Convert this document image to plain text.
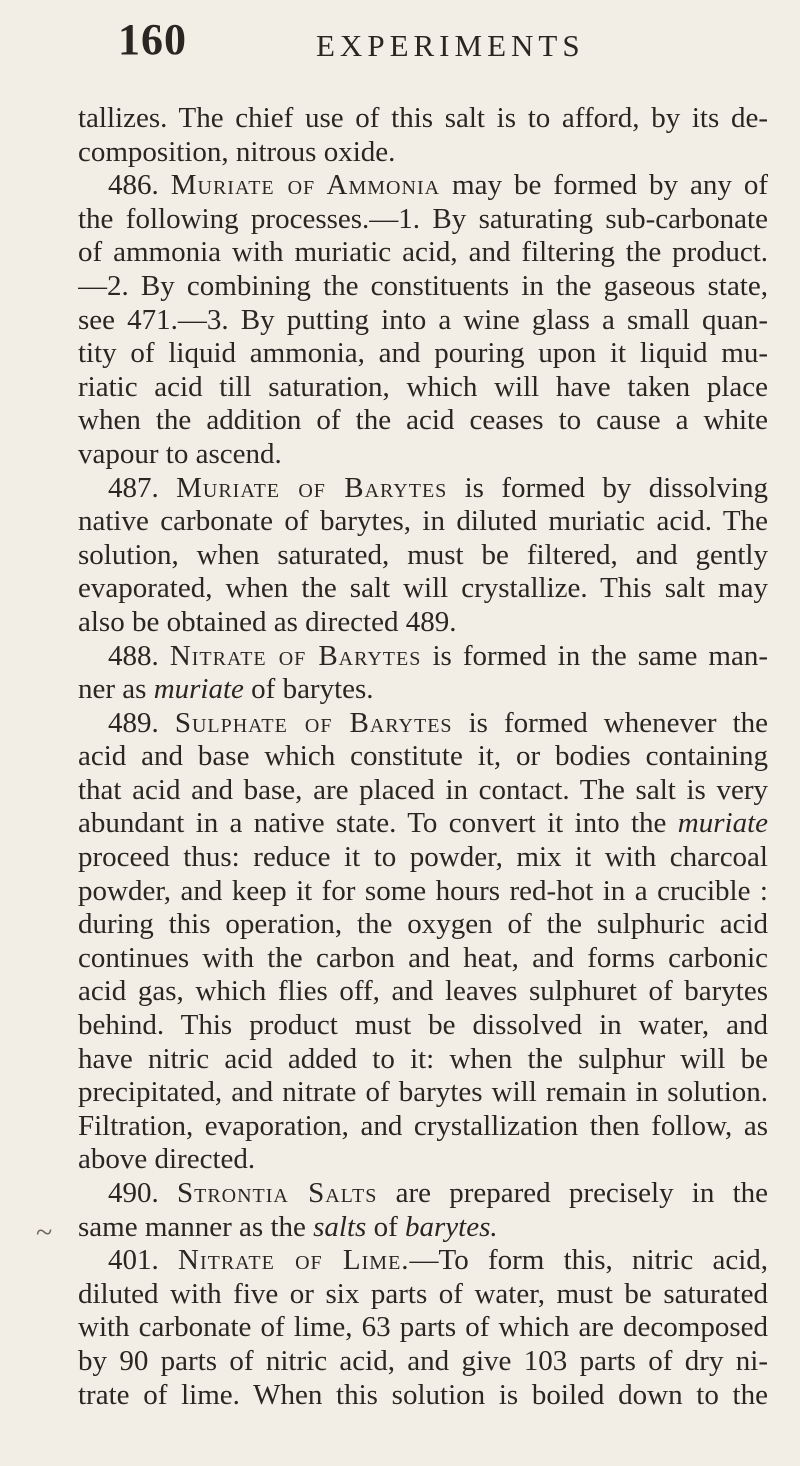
160	EXPERIMENTS
tallizes. The chief use of this salt is to afford, by its de-
composition, nitrous oxide.
486. Muriate of Ammonia may be formed by any of
the following processes.—1. By saturating sub-carbonate
of ammonia with muriatic acid, and filtering the product.
—2. By combining the constituents in the gaseous state,
see 471.—3. By putting into a wine glass a small quan-
tity of liquid ammonia, and pouring upon it liquid mu-
riatic acid till saturation, which will have taken place
when the addition of the acid ceases to cause a white
vapour to ascend.
487. Muriate of Barytes is formed by dissolving
native carbonate of barytes, in diluted muriatic acid. The
solution, when saturated, must be filtered, and gently
evaporated, when the salt will crystallize. This salt may
also be obtained as directed 489.
488. Nitrate of Barytes is formed in the same man-
ner as muriate of barytes.
489. Sulphate of Barytes is formed whenever the
acid and base which constitute it, or bodies containing
that acid and base, are placed in contact. The salt is very
abundant in a native state. To convert it into the muriate
proceed thus: reduce it to powder, mix it with charcoal
powder, and keep it for some hours red-hot in a crucible :
during this operation, the oxygen of the sulphuric acid
continues with the carbon and heat, and forms carbonic
acid gas, which flies off, and leaves sulphuret of barytes
behind. This product must be dissolved in water, and
have nitric acid added to it: when the sulphur will be
precipitated, and nitrate of barytes will remain in solution.
Filtration, evaporation, and crystallization then follow, as
above directed.
490. Strontia Salts are prepared precisely in the
same manner as the salts of barytes.
401. Nitrate of Lime.—To form this, nitric acid,
diluted with five or six parts of water, must be saturated
with carbonate of lime, 63 parts of which are decomposed
by 90 parts of nitric acid, and give 103 parts of dry ni-
trate of lime. When this solution is boiled down to the
~
